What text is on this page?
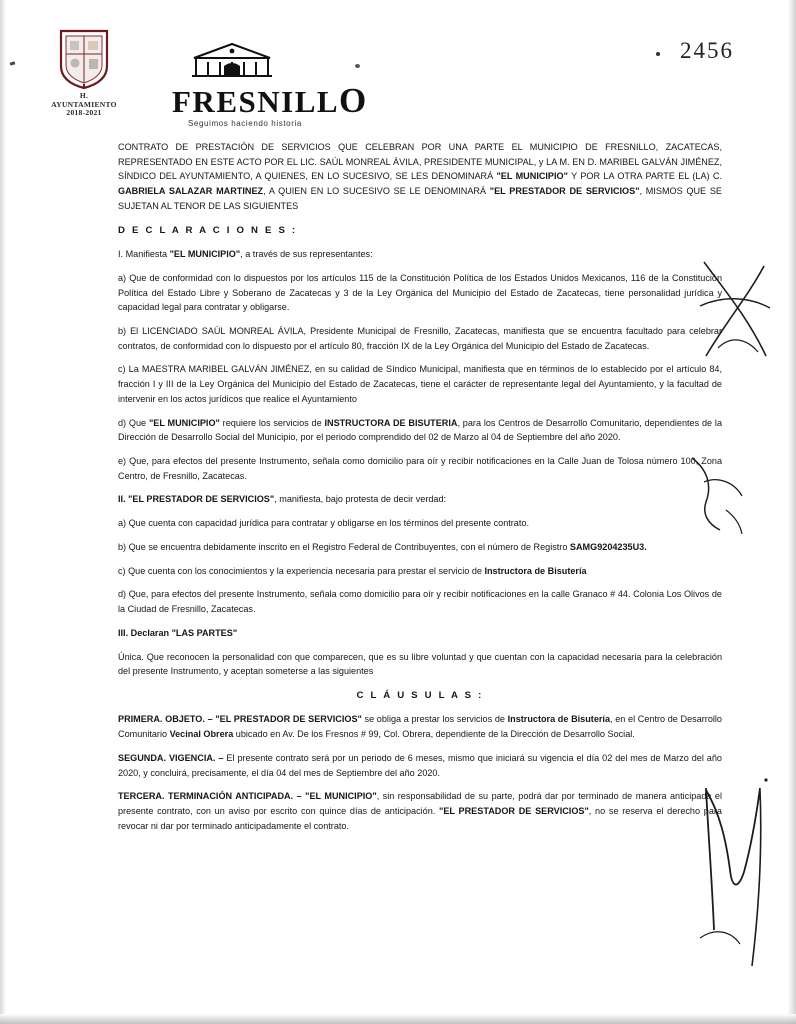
H. AYUNTAMIENTO
2018-2021	FRESNILLO
Seguimos haciendo historia
2456

CONTRATO DE PRESTACIÓN DE SERVICIOS QUE CELEBRAN POR UNA PARTE EL MUNICIPIO DE FRESNILLO, ZACATECAS, REPRESENTADO EN ESTE ACTO POR EL LIC. SAÚL MONREAL ÁVILA, PRESIDENTE MUNICIPAL, y LA M. EN D. MARIBEL GALVÁN JIMÉNEZ, SÍNDICO DEL AYUNTAMIENTO, A QUIENES, EN LO SUCESIVO, SE LES DENOMINARÁ "EL MUNICIPIO" Y POR LA OTRA PARTE EL (LA) C. GABRIELA SALAZAR MARTINEZ, A QUIEN EN LO SUCESIVO SE LE DENOMINARÁ "EL PRESTADOR DE SERVICIOS", MISMOS QUE SE SUJETAN AL TENOR DE LAS SIGUIENTES

D E C L A R A C I O N E S :

I. Manifiesta "EL MUNICIPIO", a través de sus representantes:

a) Que de conformidad con lo dispuestos por los artículos 115 de la Constitución Política de los Estados Unidos Mexicanos, 116 de la Constitución Política del Estado Libre y Soberano de Zacatecas y 3 de la Ley Orgánica del Municipio del Estado de Zacatecas, tiene personalidad jurídica y capacidad legal para contratar y obligarse.

b) El LICENCIADO SAÚL MONREAL ÁVILA, Presidente Municipal de Fresnillo, Zacatecas, manifiesta que se encuentra facultado para celebrar contratos, de conformidad con lo dispuesto por el artículo 80, fracción IX de la Ley Orgánica del Municipio del Estado de Zacatecas.

c) La MAESTRA MARIBEL GALVÁN JIMÉNEZ, en su calidad de Síndico Municipal, manifiesta que en términos de lo establecido por el artículo 84, fracción I y III de la Ley Orgánica del Municipio del Estado de Zacatecas, tiene el carácter de representante legal del Ayuntamiento, y la facultad de intervenir en los actos jurídicos que realice el Ayuntamiento

d) Que "EL MUNICIPIO" requiere los servicios de INSTRUCTORA DE BISUTERIA, para los Centros de Desarrollo Comunitario, dependientes de la Dirección de Desarrollo Social del Municipio, por el periodo comprendido del 02 de Marzo al 04 de Septiembre del año 2020.

e) Que, para efectos del presente Instrumento, señala como domicilio para oír y recibir notificaciones en la Calle Juan de Tolosa número 100, Zona Centro, de Fresnillo, Zacatecas.

II. "EL PRESTADOR DE SERVICIOS", manifiesta, bajo protesta de decir verdad:

a) Que cuenta con capacidad jurídica para contratar y obligarse en los términos del presente contrato.

b) Que se encuentra debidamente inscrito en el Registro Federal de Contribuyentes, con el número de Registro SAMG9204235U3.

c) Que cuenta con los conocimientos y la experiencia necesaria para prestar el servicio de Instructora de Bisutería

d) Que, para efectos del presente Instrumento, señala como domicilio para oír y recibir notificaciones en la calle Granaco # 44. Colonia Los Olivos de la Ciudad de Fresnillo, Zacatecas.

III. Declaran "LAS PARTES"

Única. Que reconocen la personalidad con que comparecen, que es su libre voluntad y que cuentan con la capacidad necesaria para la celebración del presente Instrumento, y aceptan someterse a las siguientes

C L Á U S U L A S :

PRIMERA. OBJETO. – "EL PRESTADOR DE SERVICIOS" se obliga a prestar los servicios de Instructora de Bisutería, en el Centro de Desarrollo Comunitario Vecinal Obrera ubicado en Av. De los Fresnos # 99, Col. Obrera, dependiente de la Dirección de Desarrollo Social.

SEGUNDA. VIGENCIA. – El presente contrato será por un periodo de 6 meses, mismo que iniciará su vigencia el día 02 del mes de Marzo del año 2020, y concluirá, precisamente, el día 04 del mes de Septiembre del año 2020.

TERCERA. TERMINACIÓN ANTICIPADA. – "EL MUNICIPIO", sin responsabilidad de su parte, podrá dar por terminado de manera anticipada el presente contrato, con un aviso por escrito con quince días de anticipación. "EL PRESTADOR DE SERVICIOS", no se reserva el derecho para revocar ni dar por terminado anticipadamente el contrato.
